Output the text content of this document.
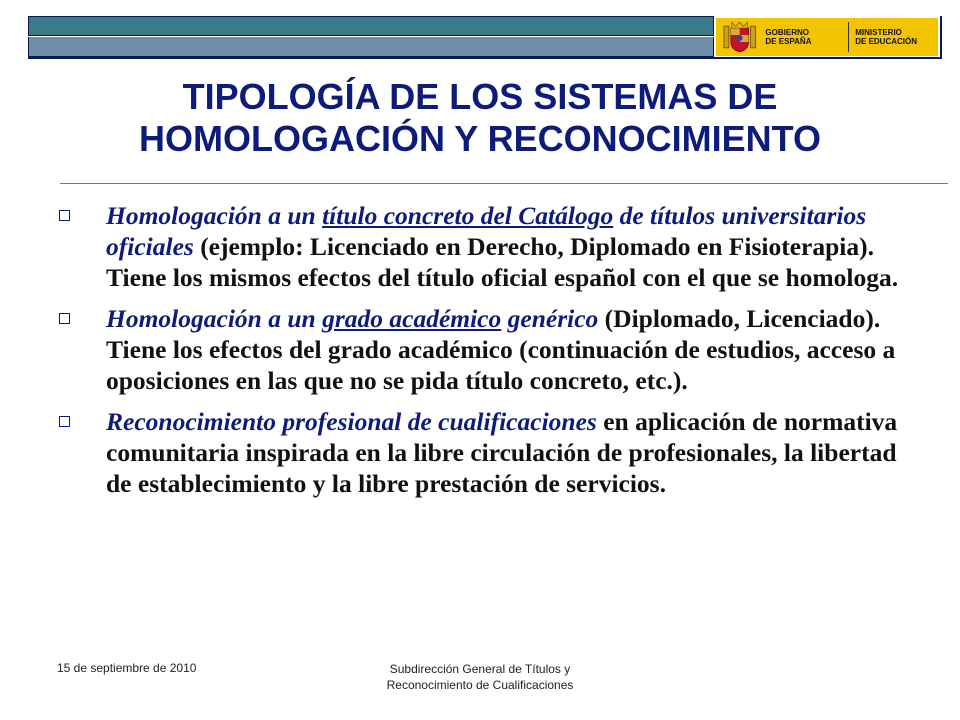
GOBIERNO
DE ESPAÑA
MINISTERIO
DE EDUCACIÓN
TIPOLOGÍA DE LOS SISTEMAS DE
HOMOLOGACIÓN Y RECONOCIMIENTO
Homologación a un título concreto del Catálogo de títulos universitarios oficiales (ejemplo: Licenciado en Derecho, Diplomado en Fisioterapia). Tiene los mismos efectos del título oficial español con el que se homologa.
Homologación a un grado académico genérico (Diplomado, Licenciado). Tiene los efectos del grado académico (continuación de estudios, acceso a oposiciones en las que no se pida título concreto, etc.).
Reconocimiento profesional de cualificaciones en aplicación de normativa comunitaria inspirada en la libre circulación de profesionales, la libertad de establecimiento y la libre prestación de servicios.
15 de septiembre de 2010	Subdirección General de Títulos y
Reconocimiento de Cualificaciones
